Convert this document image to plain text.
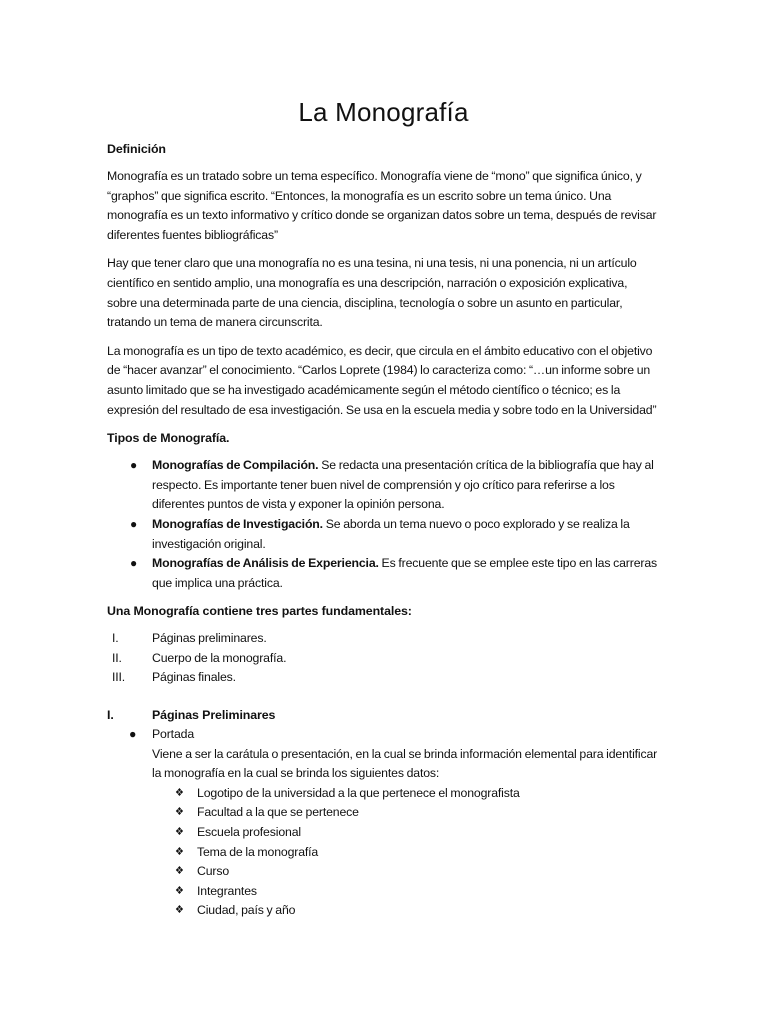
La Monografía

Definición

Monografía es un tratado sobre un tema específico. Monografía viene de “mono” que significa único, y “graphos” que significa escrito. “Entonces, la monografía es un escrito sobre un tema único. Una monografía es un texto informativo y crítico donde se organizan datos sobre un tema, después de revisar diferentes fuentes bibliográficas”

Hay que tener claro que una monografía no es una tesina, ni una tesis, ni una ponencia, ni un artículo científico en sentido amplio, una monografía es una descripción, narración o exposición explicativa, sobre una determinada parte de una ciencia, disciplina, tecnología o sobre un asunto en particular, tratando un tema de manera circunscrita.

La monografía es un tipo de texto académico, es decir, que circula en el ámbito educativo con el objetivo de “hacer avanzar” el conocimiento. “Carlos Loprete (1984) lo caracteriza como: “…un informe sobre un asunto limitado que se ha investigado académicamente según el método científico o técnico; es la expresión del resultado de esa investigación. Se usa en la escuela media y sobre todo en la Universidad”

Tipos de Monografía.

● Monografías de Compilación. Se redacta una presentación crítica de la bibliografía que hay al respecto. Es importante tener buen nivel de comprensión y ojo crítico para referirse a los diferentes puntos de vista y exponer la opinión persona.
● Monografías de Investigación. Se aborda un tema nuevo o poco explorado y se realiza la investigación original.
● Monografías de Análisis de Experiencia. Es frecuente que se emplee este tipo en las carreras que implica una práctica.

Una Monografía contiene tres partes fundamentales:

I.	Páginas preliminares.
II.	Cuerpo de la monografía.
III.	Páginas finales.
I.	Páginas Preliminares
● Portada
Viene a ser la carátula o presentación, en la cual se brinda información elemental para identificar la monografía en la cual se brinda los siguientes datos:
❖ Logotipo de la universidad a la que pertenece el monografista
❖ Facultad a la que se pertenece
❖ Escuela profesional
❖ Tema de la monografía
❖ Curso
❖ Integrantes
❖ Ciudad, país y año
